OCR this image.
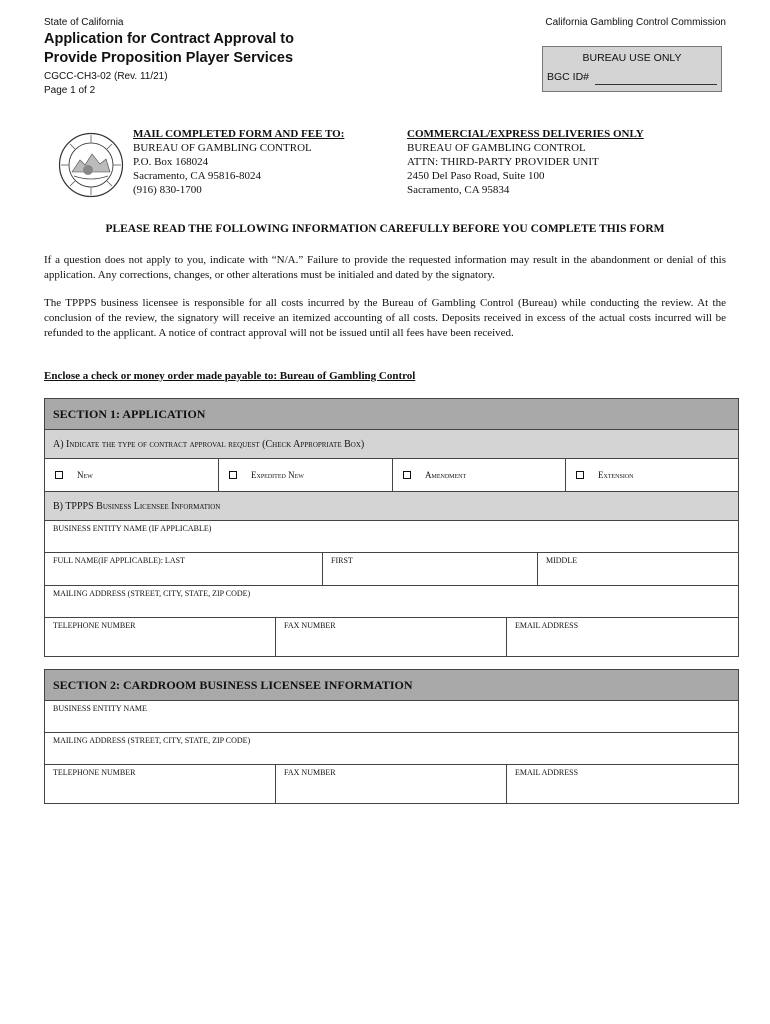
State of California	California Gambling Control Commission
Application for Contract Approval to
Provide Proposition Player Services
CGCC-CH3-02 (Rev. 11/21)
Page 1 of 2
BUREAU USE ONLY
BGC ID#
MAIL COMPLETED FORM AND FEE TO:
BUREAU OF GAMBLING CONTROL
P.O. Box 168024
Sacramento, CA 95816-8024
(916) 830-1700
COMMERCIAL/EXPRESS DELIVERIES ONLY
BUREAU OF GAMBLING CONTROL
ATTN: THIRD-PARTY PROVIDER UNIT
2450 Del Paso Road, Suite 100
Sacramento, CA 95834
PLEASE READ THE FOLLOWING INFORMATION CAREFULLY BEFORE YOU COMPLETE THIS FORM
If a question does not apply to you, indicate with “N/A.” Failure to provide the requested information may result in the abandonment or denial of this application. Any corrections, changes, or other alterations must be initialed and dated by the signatory.
The TPPPS business licensee is responsible for all costs incurred by the Bureau of Gambling Control (Bureau) while conducting the review. At the conclusion of the review, the signatory will receive an itemized accounting of all costs. Deposits received in excess of the actual costs incurred will be refunded to the applicant. A notice of contract approval will not be issued until all fees have been received.
Enclose a check or money order made payable to: Bureau of Gambling Control
SECTION 1: APPLICATION
A) Indicate the type of contract approval request (Check Appropriate Box)
New	Expedited New	Amendment	Extension
B) TPPPS Business Licensee Information
BUSINESS ENTITY NAME (IF APPLICABLE)
FULL NAME(IF APPLICABLE): LAST	FIRST	MIDDLE
MAILING ADDRESS (STREET, CITY, STATE, ZIP CODE)
TELEPHONE NUMBER	FAX NUMBER	EMAIL ADDRESS
SECTION 2: CARDROOM BUSINESS LICENSEE INFORMATION
BUSINESS ENTITY NAME
MAILING ADDRESS (STREET, CITY, STATE, ZIP CODE)
TELEPHONE NUMBER	FAX NUMBER	EMAIL ADDRESS
